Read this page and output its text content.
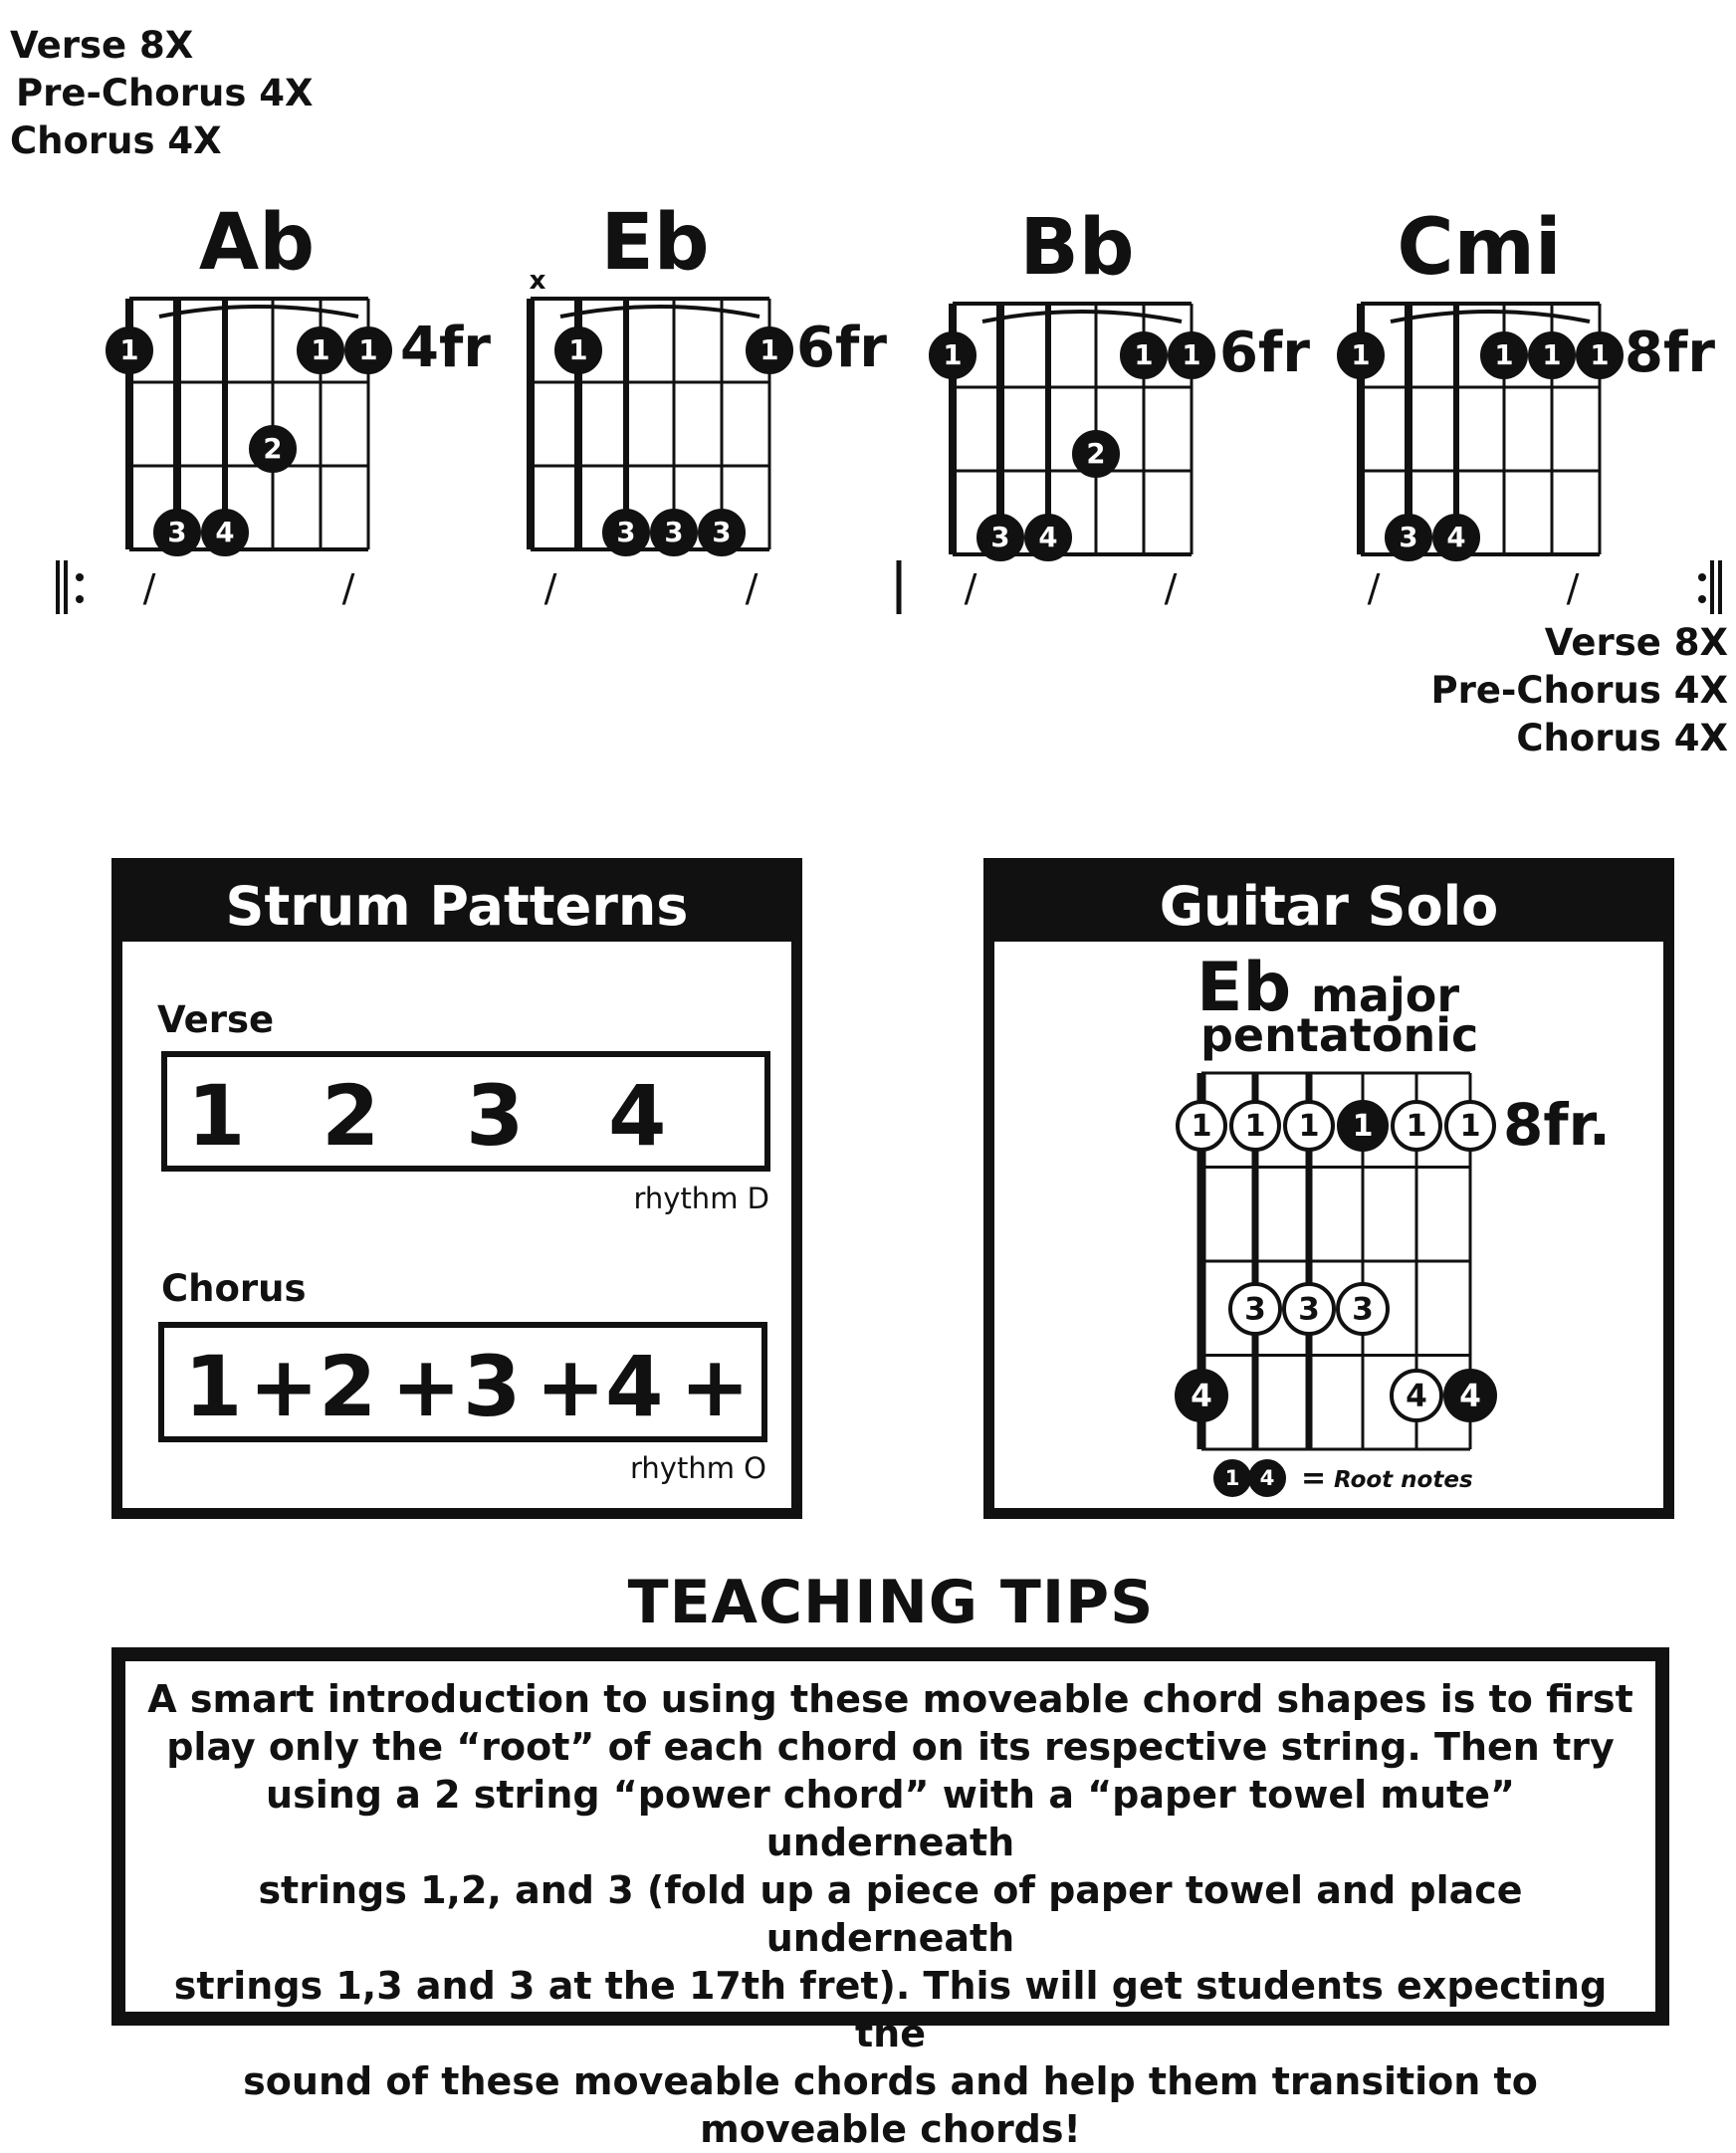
Verse 8X
Pre-Chorus 4X
Chorus 4X
Verse 8X
Pre-Chorus 4X
Chorus 4X
Ab
1	1 1
2
3 4
4fr
Eb
x
1	1
3 3 3
6fr
Bb
1	1 1
2
3 4
6fr
Cmi
1	1 1 1
3 4
8fr
/	/	/	/	/	/	/	/
Strum Patterns
Verse
1 2 3 4
rhythm D
Chorus
1 + 2 + 3 + 4 +
rhythm O
Guitar Solo
Eb major
pentatonic
1 1 1 1 1 1
3 3 3
4	4 4
8fr.
1 4 = Root notes
TEACHING TIPS
A smart introduction to using these moveable chord shapes is to first
play only the “root” of each chord on its respective string. Then try
using a 2 string “power chord” with a “paper towel mute” underneath
strings 1,2, and 3 (fold up a piece of paper towel and place underneath
strings 1,3 and 3 at the 17th fret). This will get students expecting the
sound of these moveable chords and help them transition to
moveable chords!
